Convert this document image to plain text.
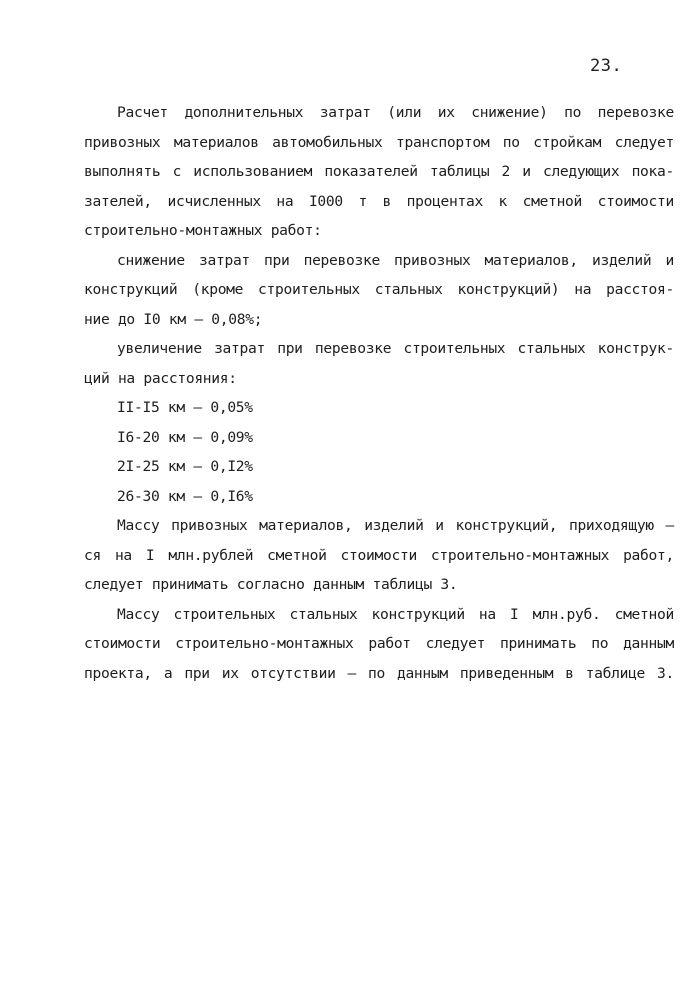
23.
Расчет дополнительных затрат (или их снижение) по перевозке
привозных материалов автомобильных транспортом по стройкам следует
выполнять с использованием показателей таблицы 2 и следующих пока-
зателей, исчисленных на I000 т в процентах к сметной стоимости
строительно-монтажных работ:
снижение затрат при перевозке привозных материалов, изделий и
конструкций (кроме строительных стальных конструкций) на расстоя-
ние до I0 км – 0,08%;
увеличение затрат при перевозке строительных стальных конструк-
ций на расстояния:
II-I5 км – 0,05%
I6-20 км – 0,09%
2I-25 км – 0,I2%
26-30 км – 0,I6%
Массу привозных материалов, изделий и конструкций, приходящую –
ся на I млн.рублей сметной стоимости строительно-монтажных работ,
следует принимать согласно данным таблицы 3.
Массу строительных стальных конструкций на I млн.руб. сметной
стоимости строительно-монтажных работ следует принимать по данным
проекта, а при их отсутствии – по данным приведенным в таблице 3.
